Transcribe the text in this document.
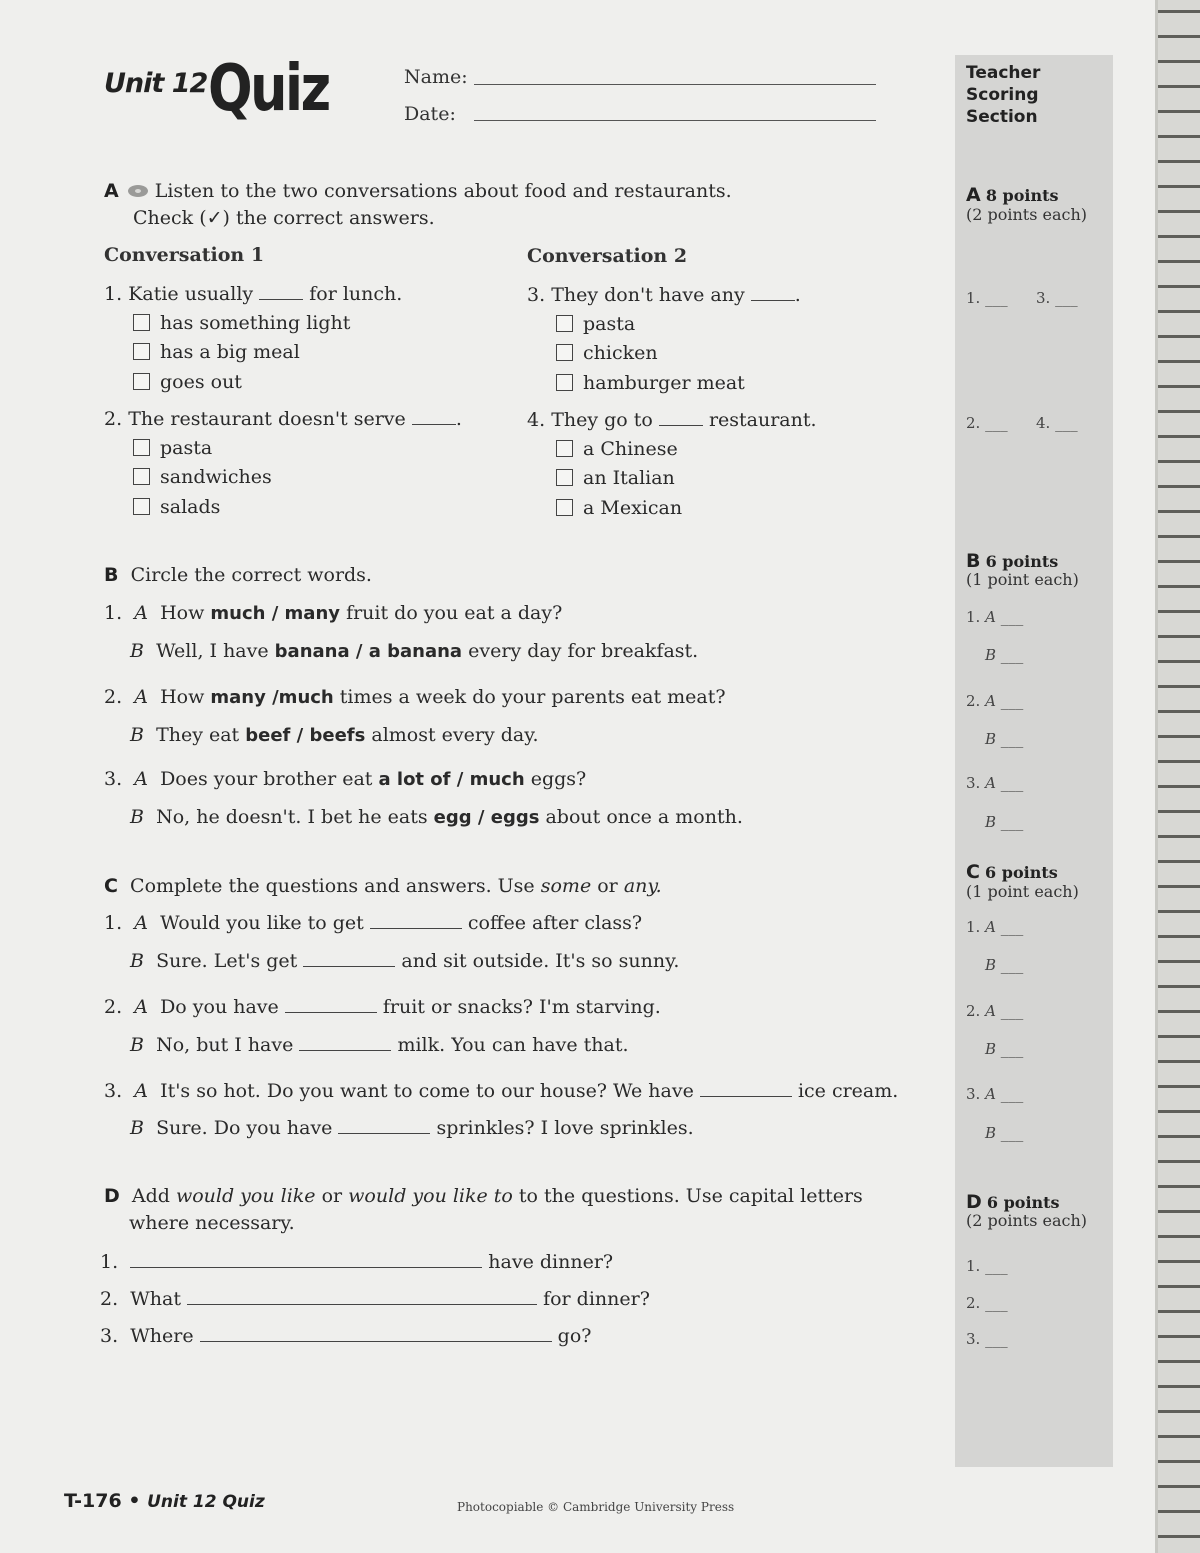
Unit 12 Quiz	Name:
Date:
Teacher Scoring Section
A 8 points
(2 points each)
1. ___ 3. ___
2. ___ 4. ___
B 6 points
(1 point each)
1. A ___
B ___
2. A ___
B ___
3. A ___
B ___
C 6 points
(1 point each)
1. A ___
B ___
2. A ___
B ___
3. A ___
B ___
D 6 points
(2 points each)
1. ___
2. ___
3. ___
A Listen to the two conversations about food and restaurants.
Check (✓) the correct answers.
Conversation 1	Conversation 2
1. Katie usually	for lunch.
has something light
has a big meal
goes out
2. The restaurant doesn't serve	.
pasta
sandwiches
salads
3. They don't have any	.
pasta
chicken
hamburger meat
4. They go to	restaurant.
a Chinese
an Italian
a Mexican
B Circle the correct words.
1. A How much / many fruit do you eat a day?
B Well, I have banana / a banana every day for breakfast.
2. A How many /much times a week do your parents eat meat?
B They eat beef / beefs almost every day.
3. A Does your brother eat a lot of / much eggs?
B No, he doesn't. I bet he eats egg / eggs about once a month.
C Complete the questions and answers. Use some or any.
1. A Would you like to get	coffee after class?
B Sure. Let's get	and sit outside. It's so sunny.
2. A Do you have	fruit or snacks? I'm starving.
B No, but I have	milk. You can have that.
3. A It's so hot. Do you want to come to our house? We have	ice cream.
B Sure. Do you have	sprinkles? I love sprinkles.
D Add would you like or would you like to to the questions. Use capital letters
where necessary.
1.	have dinner?
2. What	for dinner?
3. Where	go?
T-176 • Unit 12 Quiz	Photocopiable © Cambridge University Press
